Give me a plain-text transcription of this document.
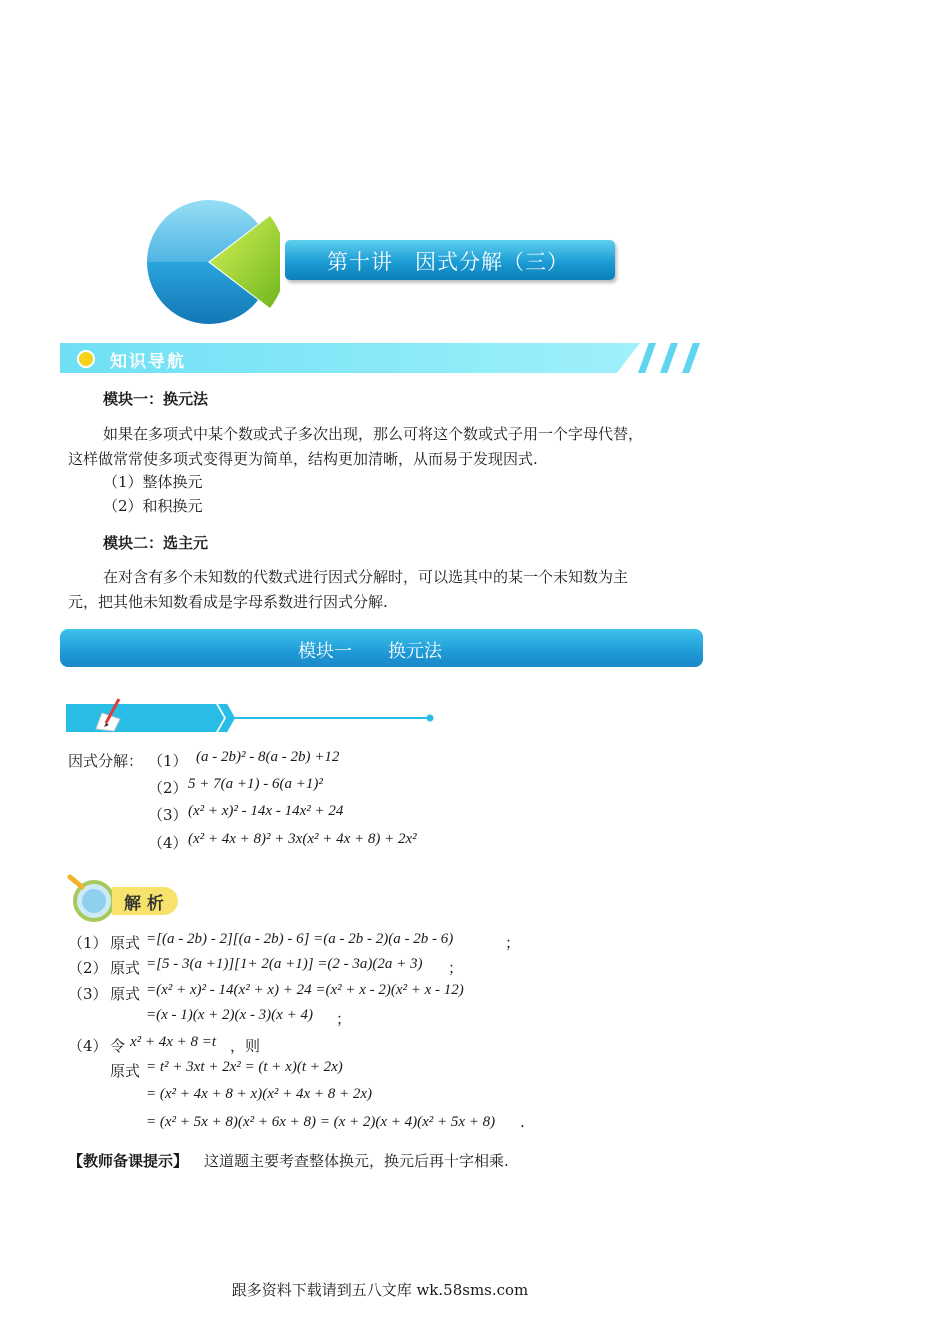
第十讲　因式分解（三）
知识导航
模块一：换元法
如果在多项式中某个数或式子多次出现，那么可将这个数或式子用一个字母代替，
这样做常常使多项式变得更为简单，结构更加清晰，从而易于发现因式.
（1）整体换元
（2）和积换元
模块二：选主元
在对含有多个未知数的代数式进行因式分解时，可以选其中的某一个未知数为主
元，把其他未知数看成是字母系数进行因式分解.
模块一　　换元法
因式分解： （1） (a - 2b)² - 8(a - 2b) +12
（2） 5 + 7(a +1) - 6(a +1)²
（3） (x² + x)² - 14x - 14x² + 24
（4） (x² + 4x + 8)² + 3x(x² + 4x + 8) + 2x²
解 析
（1） 原式 =[(a - 2b) - 2][(a - 2b) - 6] =(a - 2b - 2)(a - 2b - 6)	；
（2） 原式 =[5 - 3(a +1)][1+ 2(a +1)] =(2 - 3a)(2a + 3) ；
（3） 原式 =(x² + x)² - 14(x² + x) + 24 =(x² + x - 2)(x² + x - 12)
=(x - 1)(x + 2)(x - 3)(x + 4) ；
（4） 令 x² + 4x + 8 =t ，则
原式 = t² + 3xt + 2x² = (t + x)(t + 2x)
= (x² + 4x + 8 + x)(x² + 4x + 8 + 2x)
= (x² + 5x + 8)(x² + 6x + 8) = (x + 2)(x + 4)(x² + 5x + 8) ·
【教师备课提示】 这道题主要考查整体换元，换元后再十字相乘.
跟多资料下载请到五八文库 wk.58sms.com
